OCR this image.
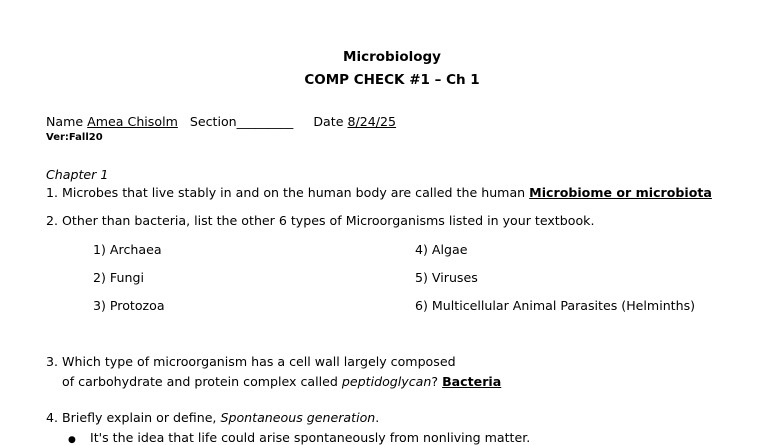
Microbiology
COMP CHECK #1 – Ch 1
Name Amea Chisolm Section_________ Date 8/24/25
Ver:Fall20
Chapter 1
1. Microbes that live stably in and on the human body are called the human Microbiome or microbiota
2. Other than bacteria, list the other 6 types of Microorganisms listed in your textbook.
1) Archaea
2) Fungi
3) Protozoa
4) Algae
5) Viruses
6) Multicellular Animal Parasites (Helminths)
3. Which type of microorganism has a cell wall largely composed
of carbohydrate and protein complex called peptidoglycan? Bacteria
4. Briefly explain or define, Spontaneous generation.
● It's the idea that life could arise spontaneously from nonliving matter.
